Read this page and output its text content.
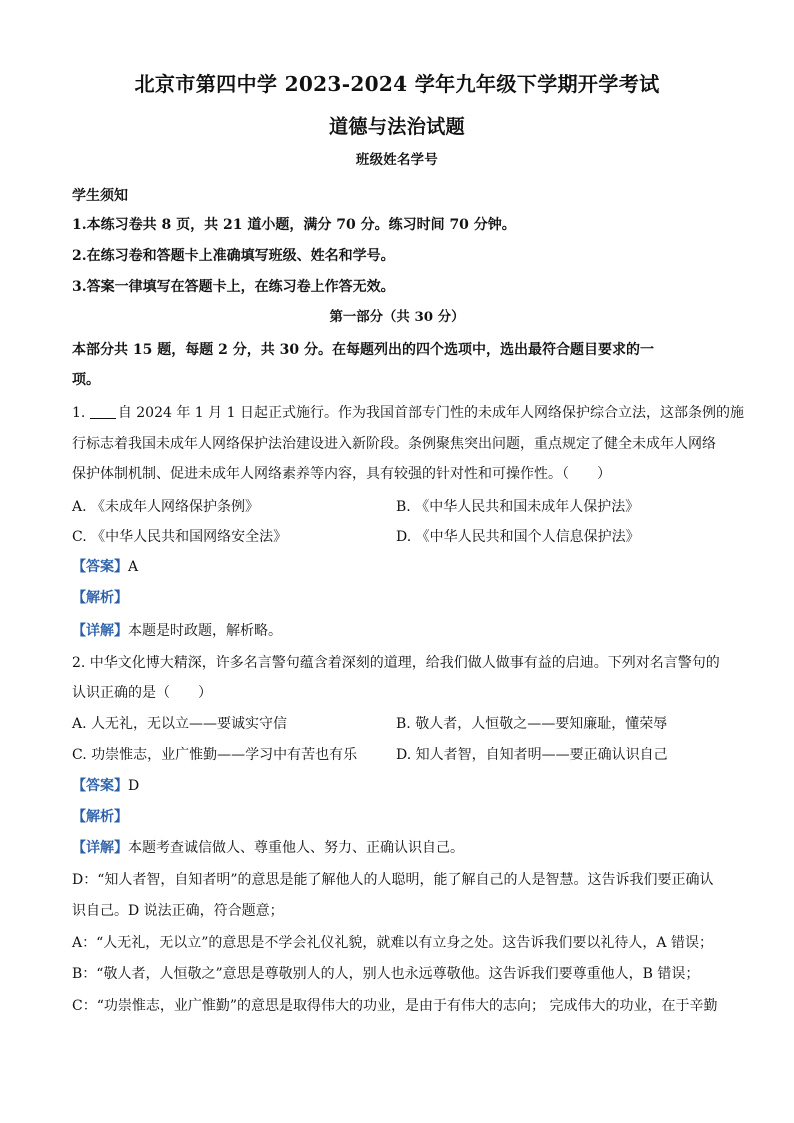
北京市第四中学 2023-2024 学年九年级下学期开学考试
道德与法治试题
班级姓名学号
学生须知
1.本练习卷共 8 页，共 21 道小题，满分 70 分。练习时间 70 分钟。
2.在练习卷和答题卡上准确填写班级、姓名和学号。
3.答案一律填写在答题卡上，在练习卷上作答无效。
第一部分（共 30 分）
本部分共 15 题，每题 2 分，共 30 分。在每题列出的四个选项中，选出最符合题目要求的一
项。
1. 自 2024 年 1 月 1 日起正式施行。作为我国首部专门性的未成年人网络保护综合立法，这部条例的施
行标志着我国未成年人网络保护法治建设进入新阶段。条例聚焦突出问题，重点规定了健全未成年人网络
保护体制机制、促进未成年人网络素养等内容，具有较强的针对性和可操作性。（　　）
A. 《未成年人网络保护条例》	B. 《中华人民共和国未成年人保护法》
C. 《中华人民共和国网络安全法》	D. 《中华人民共和国个人信息保护法》
【答案】A
【解析】
【详解】本题是时政题，解析略。
2. 中华文化博大精深，许多名言警句蕴含着深刻的道理，给我们做人做事有益的启迪。下列对名言警句的
认识正确的是（　　）
A. 人无礼，无以立——要诚实守信	B. 敬人者，人恒敬之——要知廉耻，懂荣辱
C. 功崇惟志，业广惟勤——学习中有苦也有乐	D. 知人者智，自知者明——要正确认识自己
【答案】D
【解析】
【详解】本题考查诚信做人、尊重他人、努力、正确认识自己。
D：“知人者智，自知者明”的意思是能了解他人的人聪明，能了解自己的人是智慧。这告诉我们要正确认
识自己。D 说法正确，符合题意；
A：“人无礼，无以立”的意思是不学会礼仪礼貌，就难以有立身之处。这告诉我们要以礼待人，A 错误；
B：“敬人者，人恒敬之”意思是尊敬别人的人，别人也永远尊敬他。这告诉我们要尊重他人，B 错误；
C：“功崇惟志，业广惟勤”的意思是取得伟大的功业，是由于有伟大的志向； 完成伟大的功业，在于辛勤
